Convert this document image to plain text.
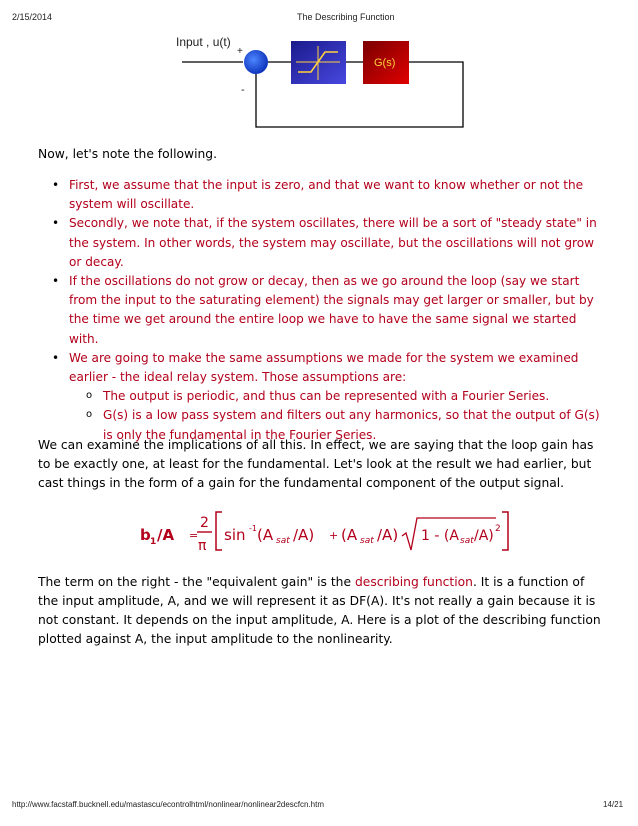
2/15/2014	The Describing Function
Input , u(t)
+
G(s)
-
Now, let's note the following.
• First, we assume that the input is zero, and that we want to know whether or not the system will oscillate.
• Secondly, we note that, if the system oscillates, there will be a sort of "steady state" in the system. In other words, the system may oscillate, but the oscillations will not grow or decay.
• If the oscillations do not grow or decay, then as we go around the loop (say we start from the input to the saturating element) the signals may get larger or smaller, but by the time we get around the entire loop we have to have the same signal we started with.
• We are going to make the same assumptions we made for the system we examined earlier - the ideal relay system. Those assumptions are:
o The output is periodic, and thus can be represented with a Fourier Series.
o G(s) is a low pass system and filters out any harmonics, so that the output of G(s) is only the fundamental in the Fourier Series.
We can examine the implications of all this. In effect, we are saying that the loop gain has to be exactly one, at least for the fundamental. Let's look at the result we had earlier, but cast things in the form of a gain for the fundamental component of the output signal.
b 1 /A =
2
π
sin -1 (A sat /A) + (A sat /A) 1 - (A sat /A) 2
The term on the right - the "equivalent gain" is the describing function. It is a function of the input amplitude, A, and we will represent it as DF(A). It's not really a gain because it is not constant. It depends on the input amplitude, A. Here is a plot of the describing function plotted against A, the input amplitude to the nonlinearity.
http://www.facstaff.bucknell.edu/mastascu/econtrolhtml/nonlinear/nonlinear2descfcn.htm	14/21
